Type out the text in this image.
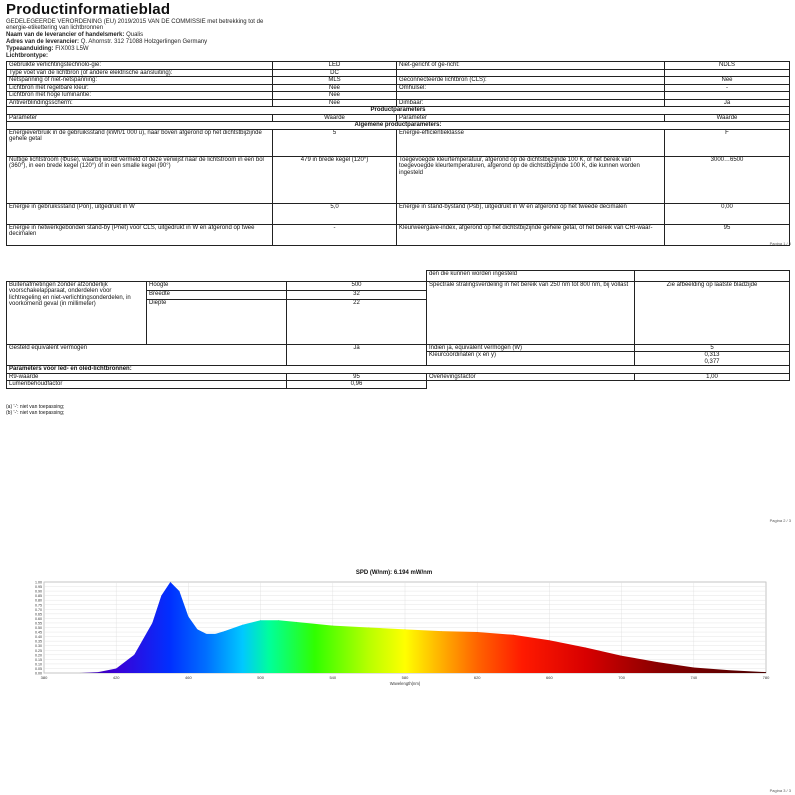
Productinformatieblad
GEDELEGEERDE VERORDENING (EU) 2019/2015 VAN DE COMMISSIE met betrekking tot de
energie-etikettering van lichtbronnen
Naam van de leverancier of handelsmerk: Qualis
Adres van de leverancier: Q. Ahornstr. 312 71088 Holzgerlingen Germany
Typeaanduiding: FIX003 L5W
Lichtbrontype:
Gebruikte verlichtingstechnolo-gie:	LED	Niet-gericht of ge-richt:	NDLS
Type voet van de lichtbron (of andere elektrische aansluiting):	DC		
Netspanning of niet-netspanning:	MLS	Geconnecteerde lichtbron (CLS):	Nee
Lichtbron met regelbare kleur:	Nee	Omhulsel:	-
Lichtbron met hoge luminantie:	Nee		
Antiverblindingsscherm:	Nee	Dimbaar:	Ja
Productparameters			
Parameter	Waarde	Parameter	Waarde
Algemene productparameters:			
Energieverbruik in de gebruiksstand (kWh/1 000 u), naar boven afgerond op het dichtstbijzijnde gehele getal	5	Energie-efficiëntieklasse	F
Nuttige lichtstroom (Φuse), waarbij wordt vermeld of deze verwijst naar de lichtstroom in een bol (360°), in een brede kegel (120°) of in een smalle kegel (90°)	479 in brede kegel (120°)	Toegevoegde kleurtemperatuur, afgerond op de dichtstbijzijnde 100 K, of het bereik van toegevoegde kleurtemperaturen, afgerond op de dichtstbijzijnde 100 K, die kunnen worden ingesteld	3000…6500
Energie in gebruiksstand (Pon), uitgedrukt in W	5,0	Energie in stand-bystand (Psb), uitgedrukt in W en afgerond op het tweede decimalen	0,00
Energie in netwerkgebonden stand-by (Pnet) voor CLS, uitgedrukt in W en afgerond op twee decimalen	-	Kleurweergave-index, afgerond op het dichtstbijzijnde gehele getal, of het bereik van CRI-waar-	95
Pagina 1 / 3
			den die kunnen worden ingesteld	
Buitenafmetingen zonder afzonderlijk voorschakelapparaat, onderdelen voor lichtregeling en niet-verlichtingsonderdelen, in voorkomend geval (in millimeter)	Hoogte	500	Spectrale stralingsverdeling in het bereik van 250 nm tot 800 nm, bij vollast	Zie afbeelding op laatste bladzijde
	Breedte	32		
	Diepte	22		
Gesteld equivalent vermogen		Ja	Indien ja, equivalent vermogen (W)	5
			Kleurcoördinaten (x en y)	0,313
0,377

Parameters voor led- en oled-lichtbronnen:				
R9-waarde		95	Overlevingsfactor	1,00
Lumenbehoudfactor		0,96		
(a) '-': niet van toepassing;
(b) '-': niet van toepassing;
Pagina 2 / 3
SPD (W/nm): 6.194 mW/nm
0.00
0.05
0.10
0.15
0.20
0.25
0.30
0.35
0.40
0.45
0.50
0.55
0.60
0.65
0.70
0.75
0.80
0.85
0.90
0.95
1.00
380	420	460	500	540	580	620	660	700	740	780
Wavelength(nm)
Pagina 3 / 3
